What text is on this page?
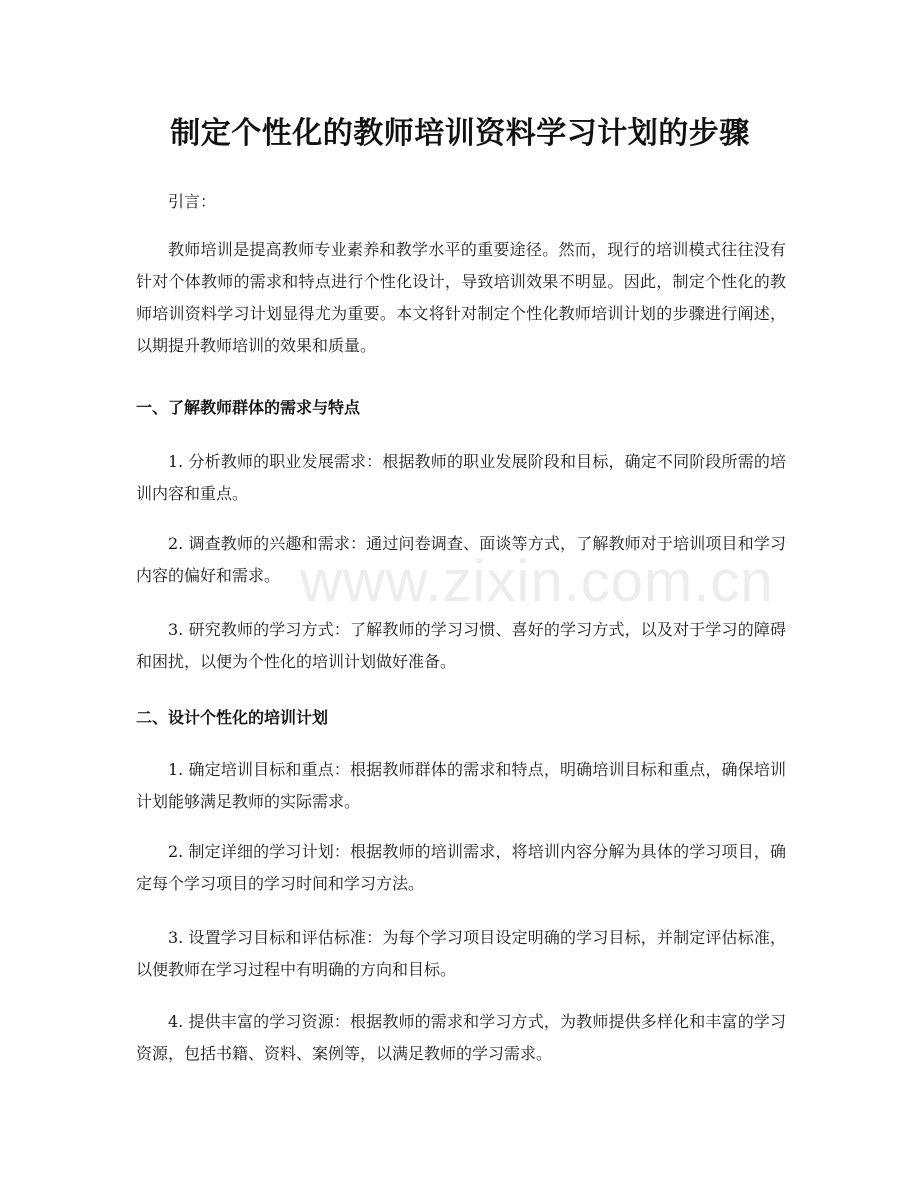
制定个性化的教师培训资料学习计划的步骤

引言：

教师培训是提高教师专业素养和教学水平的重要途径。然而，现行的培训模式往往没有针对个体教师的需求和特点进行个性化设计，导致培训效果不明显。因此，制定个性化的教师培训资料学习计划显得尤为重要。本文将针对制定个性化教师培训计划的步骤进行阐述，以期提升教师培训的效果和质量。

一、了解教师群体的需求与特点

1. 分析教师的职业发展需求：根据教师的职业发展阶段和目标，确定不同阶段所需的培训内容和重点。

2. 调查教师的兴趣和需求：通过问卷调查、面谈等方式，了解教师对于培训项目和学习内容的偏好和需求。

3. 研究教师的学习方式：了解教师的学习习惯、喜好的学习方式，以及对于学习的障碍和困扰，以便为个性化的培训计划做好准备。

二、设计个性化的培训计划

1. 确定培训目标和重点：根据教师群体的需求和特点，明确培训目标和重点，确保培训计划能够满足教师的实际需求。

2. 制定详细的学习计划：根据教师的培训需求，将培训内容分解为具体的学习项目，确定每个学习项目的学习时间和学习方法。

3. 设置学习目标和评估标准：为每个学习项目设定明确的学习目标，并制定评估标准，以便教师在学习过程中有明确的方向和目标。

4. 提供丰富的学习资源：根据教师的需求和学习方式，为教师提供多样化和丰富的学习资源，包括书籍、资料、案例等，以满足教师的学习需求。

www.zixin.com.cn
